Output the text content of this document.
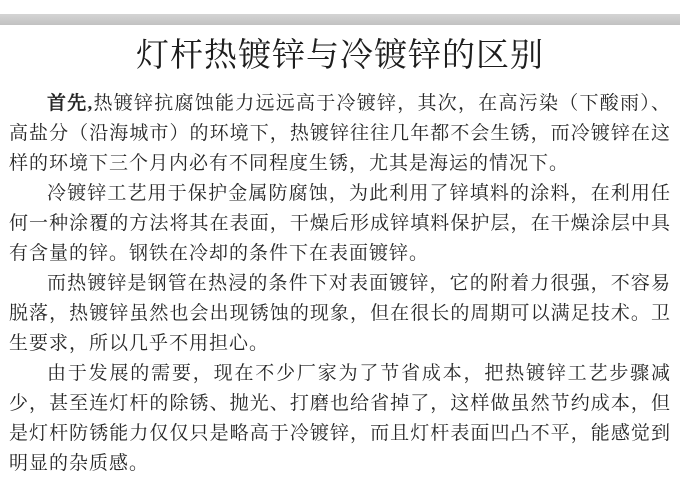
灯杆热镀锌与冷镀锌的区别

首先,热镀锌抗腐蚀能力远远高于冷镀锌，其次，在高污染（下酸雨）、高盐分（沿海城市）的环境下，热镀锌往往几年都不会生锈，而冷镀锌在这样的环境下三个月内必有不同程度生锈，尤其是海运的情况下。

冷镀锌工艺用于保护金属防腐蚀，为此利用了锌填料的涂料，在利用任何一种涂覆的方法将其在表面，干燥后形成锌填料保护层，在干燥涂层中具有含量的锌。钢铁在冷却的条件下在表面镀锌。

而热镀锌是钢管在热浸的条件下对表面镀锌，它的附着力很强，不容易脱落，热镀锌虽然也会出现锈蚀的现象，但在很长的周期可以满足技术。卫生要求，所以几乎不用担心。

由于发展的需要，现在不少厂家为了节省成本，把热镀锌工艺步骤减少，甚至连灯杆的除锈、抛光、打磨也给省掉了，这样做虽然节约成本，但是灯杆防锈能力仅仅只是略高于冷镀锌，而且灯杆表面凹凸不平，能感觉到明显的杂质感。
